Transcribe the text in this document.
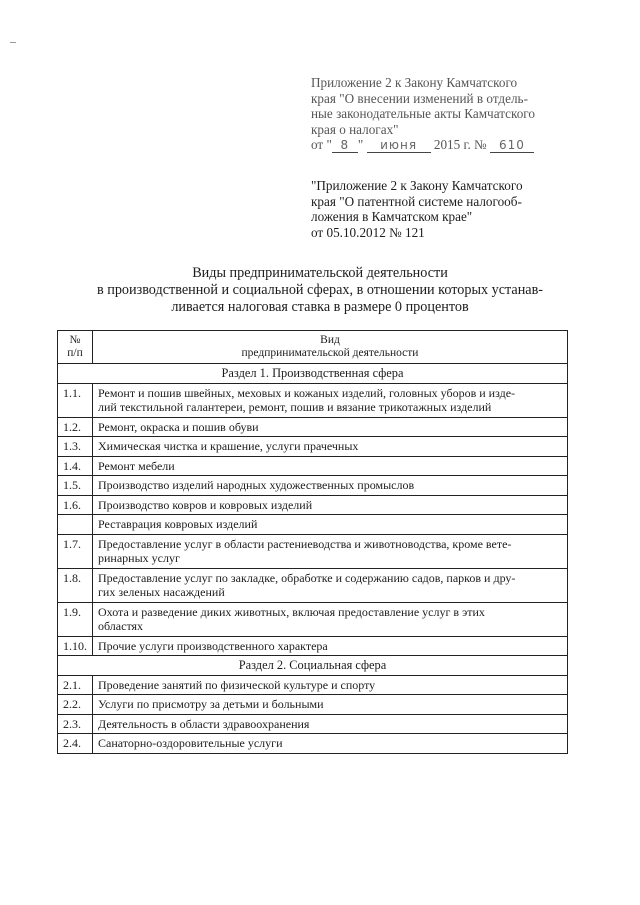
Приложение 2 к Закону Камчатского
края "О внесении изменений в отдель-
ные законодательные акты Камчатского
края о налогах"
от " 8 " июня 2015 г. № 610
"Приложение 2 к Закону Камчатского
края "О патентной системе налогооб-
ложения в Камчатском крае"
от 05.10.2012 № 121
Виды предпринимательской деятельности
в производственной и социальной сферах, в отношении которых устанав-
ливается налоговая ставка в размере 0 процентов
№
п/п	Вид
предпринимательской деятельности
Раздел 1. Производственная сфера	
1.1.	Ремонт и пошив швейных, меховых и кожаных изделий, головных уборов и изде-
лий текстильной галантереи, ремонт, пошив и вязание трикотажных изделий
1.2.	Ремонт, окраска и пошив обуви
1.3.	Химическая чистка и крашение, услуги прачечных
1.4.	Ремонт мебели
1.5.	Производство изделий народных художественных промыслов
1.6.	Производство ковров и ковровых изделий
	Реставрация ковровых изделий
1.7.	Предоставление услуг в области растениеводства и животноводства, кроме вете-
ринарных услуг
1.8.	Предоставление услуг по закладке, обработке и содержанию садов, парков и дру-
гих зеленых насаждений
1.9.	Охота и разведение диких животных, включая предоставление услуг в этих
областях
1.10.	Прочие услуги производственного характера
Раздел 2. Социальная сфера	
2.1.	Проведение занятий по физической культуре и спорту
2.2.	Услуги по присмотру за детьми и больными
2.3.	Деятельность в области здравоохранения
2.4.	Санаторно-оздоровительные услуги
